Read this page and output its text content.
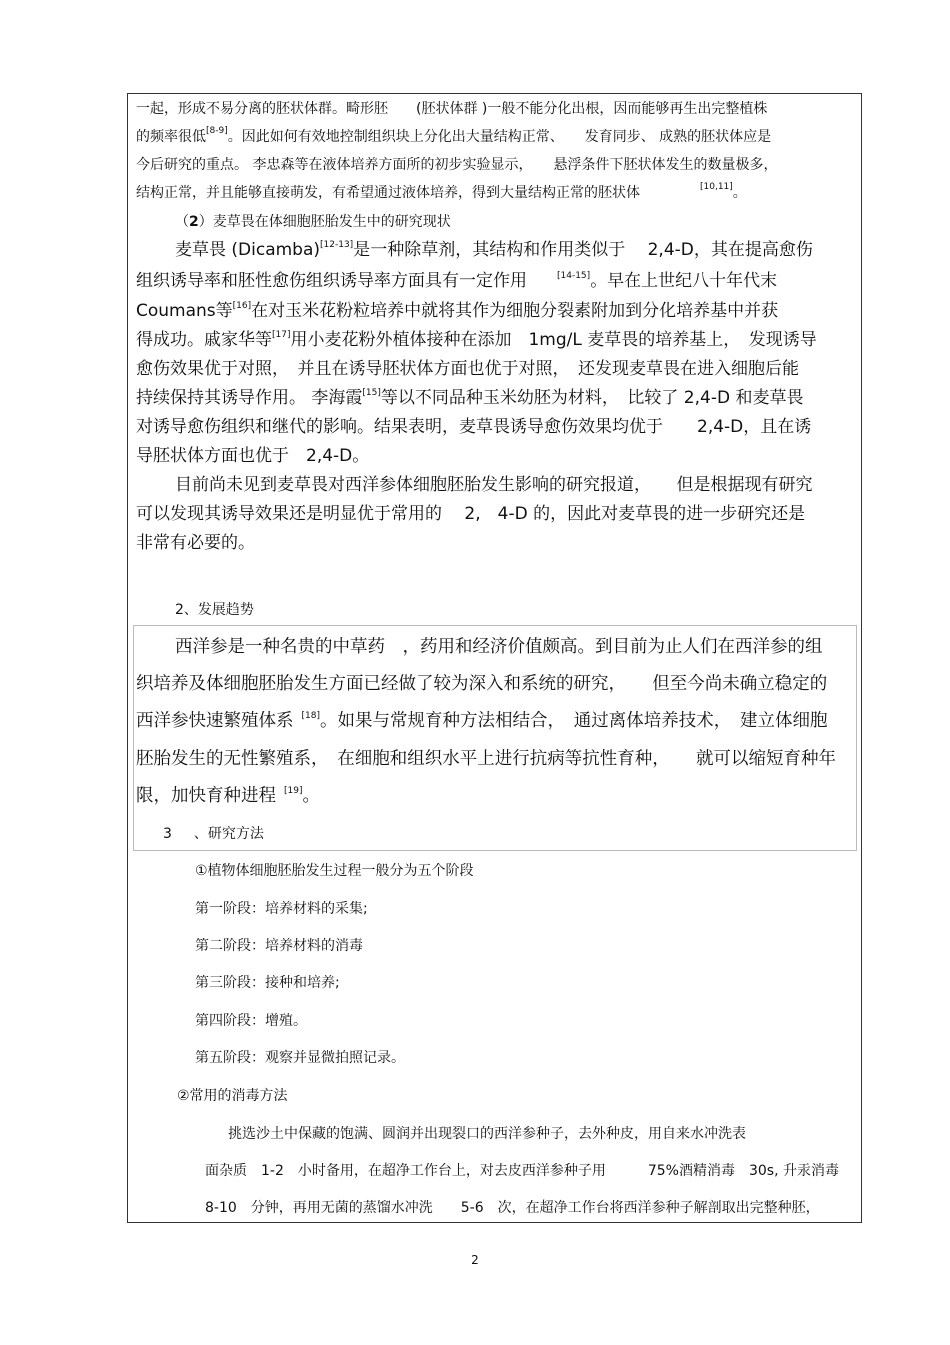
一起，形成不易分离的胚状体群。畸形胚　　(胚状体群 )一般不能分化出根，因而能够再生出完整植株
的频率很低[8-9]。因此如何有效地控制组织块上分化出大量结构正常、　　发育同步、 成熟的胚状体应是
今后研究的重点。 李忠森等在液体培养方面所的初步实验显示，　　悬浮条件下胚状体发生的数量极多，
结构正常，并且能够直接萌发，有希望通过液体培养，得到大量结构正常的胚状体	[10,11]。
（2）麦草畏在体细胞胚胎发生中的研究现状
麦草畏 (Dicamba)[12-13]是一种除草剂，其结构和作用类似于　 2,4-D，其在提高愈伤
组织诱导率和胚性愈伤组织诱导率方面具有一定作用	[14-15]。早在上世纪八十年代末
Coumans等[16]在对玉米花粉粒培养中就将其作为细胞分裂素附加到分化培养基中并获
得成功。戚家华等[17]用小麦花粉外植体接种在添加　1mg/L 麦草畏的培养基上，　发现诱导
愈伤效果优于对照，　并且在诱导胚状体方面也优于对照，　还发现麦草畏在进入细胞后能
持续保持其诱导作用。 李海霞[15]等以不同品种玉米幼胚为材料，　比较了 2,4-D 和麦草畏
对诱导愈伤组织和继代的影响。结果表明，麦草畏诱导愈伤效果均优于　　2,4-D，且在诱
导胚状体方面也优于　2,4-D。
目前尚未见到麦草畏对西洋参体细胞胚胎发生影响的研究报道，　　但是根据现有研究
可以发现其诱导效果还是明显优于常用的　 2,　4-D 的，因此对麦草畏的进一步研究还是
非常有必要的。
2、发展趋势
西洋参是一种名贵的中草药　，药用和经济价值颇高。到目前为止人们在西洋参的组
织培养及体细胞胚胎发生方面已经做了较为深入和系统的研究，　　但至今尚未确立稳定的
西洋参快速繁殖体系 [18]。如果与常规育种方法相结合，　通过离体培养技术，　建立体细胞
胚胎发生的无性繁殖系，　在细胞和组织水平上进行抗病等抗性育种，　　就可以缩短育种年
限，加快育种进程 [19]。
3 、研究方法
①植物体细胞胚胎发生过程一般分为五个阶段
第一阶段：培养材料的采集;
第二阶段：培养材料的消毒
第三阶段：接种和培养;
第四阶段：增殖。
第五阶段：观察并显微拍照记录。
②常用的消毒方法
挑选沙土中保藏的饱满、圆润并出现裂口的西洋参种子，去外种皮，用自来水冲洗表
面杂质　1-2　小时备用，在超净工作台上，对去皮西洋参种子用　　　75%酒精消毒　30s, 升汞消毒
8-10　分钟，再用无菌的蒸馏水冲洗　　5-6　次，在超净工作台将西洋参种子解剖取出完整种胚，
2
